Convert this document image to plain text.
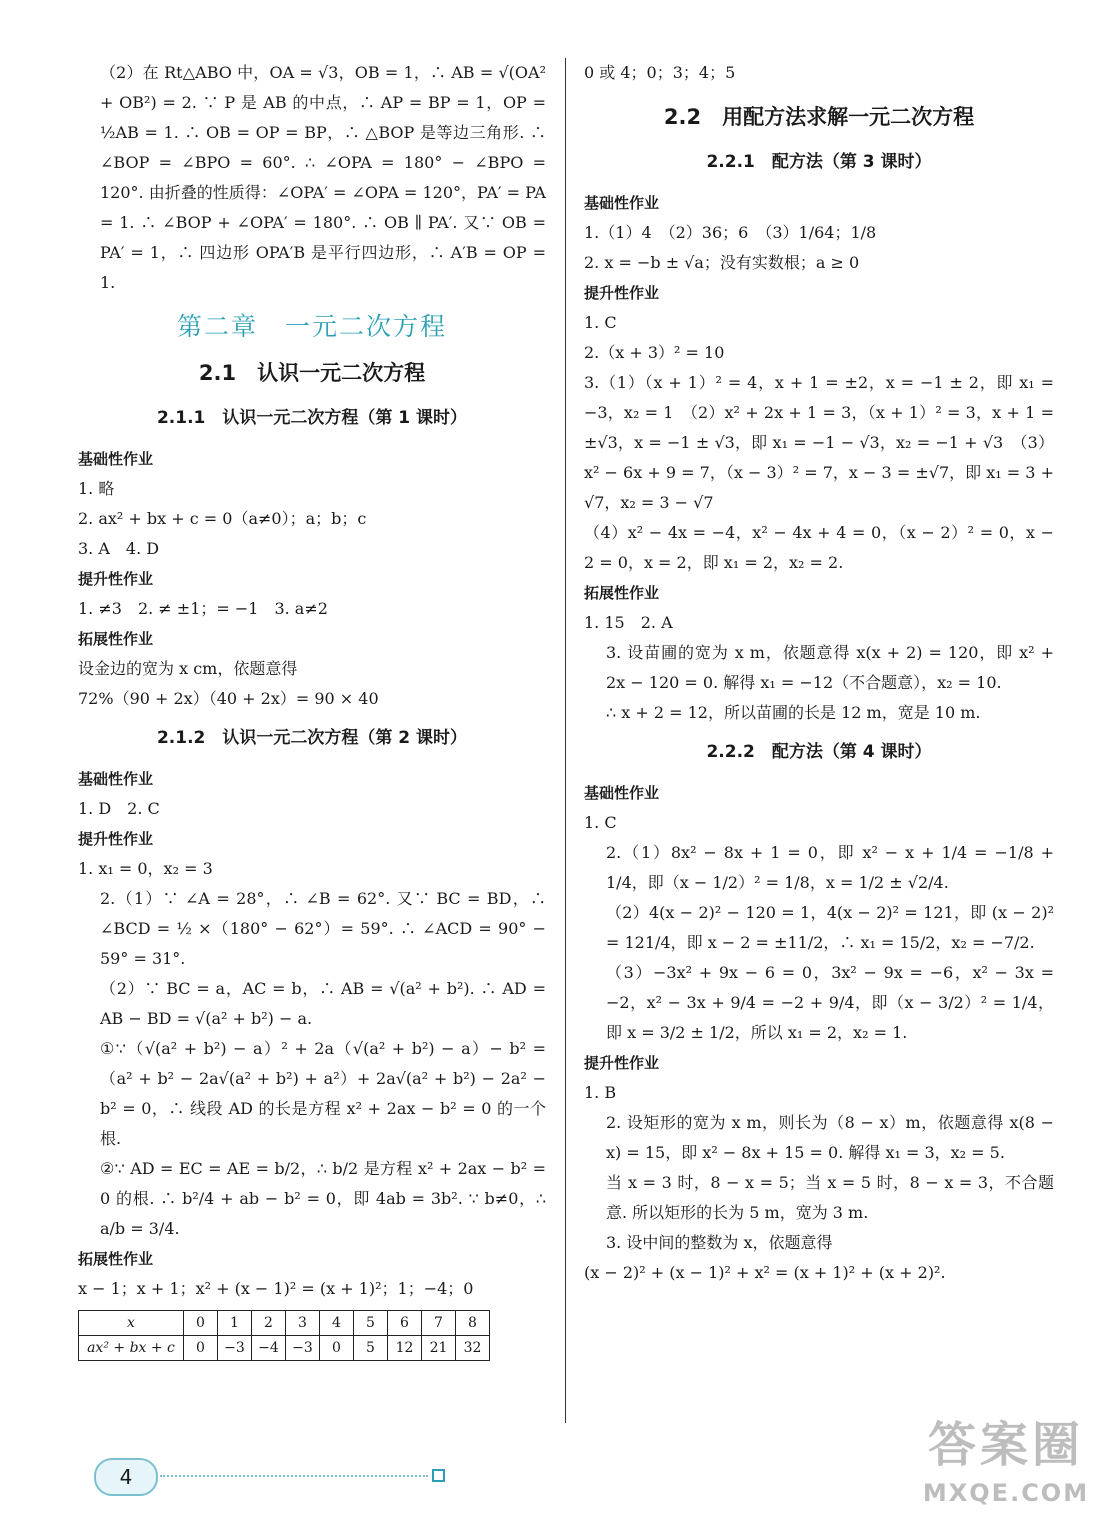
（2）在 Rt△ABO 中，OA = √3，OB = 1，∴ AB = √(OA² + OB²) = 2. ∵ P 是 AB 的中点，∴ AP = BP = 1，OP = ½AB = 1. ∴ OB = OP = BP，∴ △BOP 是等边三角形. ∴ ∠BOP = ∠BPO = 60°. ∴ ∠OPA = 180° − ∠BPO = 120°. 由折叠的性质得：∠OPA′ = ∠OPA = 120°，PA′ = PA = 1. ∴ ∠BOP + ∠OPA′ = 180°. ∴ OB ∥ PA′. 又∵ OB = PA′ = 1，∴ 四边形 OPA′B 是平行四边形，∴ A′B = OP = 1.

第二章　一元二次方程
2.1　认识一元二次方程
2.1.1　认识一元二次方程（第 1 课时）
基础性作业

1. 略

2. ax² + bx + c = 0（a≠0）；a；b；c

3. A　4. D

提升性作业

1. ≠3　2. ≠ ±1；= −1　3. a≠2

拓展性作业

设金边的宽为 x cm，依题意得

72%（90 + 2x）（40 + 2x）= 90 × 40

2.1.2　认识一元二次方程（第 2 课时）
基础性作业

1. D　2. C

提升性作业

1. x₁ = 0，x₂ = 3

2.（1）∵ ∠A = 28°，∴ ∠B = 62°. 又∵ BC = BD，∴ ∠BCD = ½ ×（180° − 62°）= 59°. ∴ ∠ACD = 90° − 59° = 31°.

（2）∵ BC = a，AC = b，∴ AB = √(a² + b²). ∴ AD = AB − BD = √(a² + b²) − a.

①∵（√(a² + b²) − a）² + 2a（√(a² + b²) − a）− b² = （a² + b² − 2a√(a² + b²) + a²）+ 2a√(a² + b²) − 2a² − b² = 0，∴ 线段 AD 的长是方程 x² + 2ax − b² = 0 的一个根.

②∵ AD = EC = AE = b/2，∴ b/2 是方程 x² + 2ax − b² = 0 的根. ∴ b²/4 + ab − b² = 0，即 4ab = 3b². ∵ b≠0，∴ a/b = 3/4.

拓展性作业

x − 1；x + 1；x² + (x − 1)² = (x + 1)²；1；−4；0

x	0	1	2	3	4	5	6	7	8
ax² + bx + c	0	−3	−4	−3	0	5	12	21	32

0 或 4；0；3；4；5

2.2　用配方法求解一元二次方程
2.2.1　配方法（第 3 课时）
基础性作业

1.（1）4　（2）36；6　（3）1/64；1/8

2. x = −b ± √a；没有实数根；a ≥ 0

提升性作业

1. C

2.（x + 3）² = 10

3.（1）（x + 1）² = 4，x + 1 = ±2，x = −1 ± 2，即 x₁ = −3，x₂ = 1　（2）x² + 2x + 1 = 3，（x + 1）² = 3，x + 1 = ±√3，x = −1 ± √3，即 x₁ = −1 − √3，x₂ = −1 + √3　（3）x² − 6x + 9 = 7，（x − 3）² = 7，x − 3 = ±√7，即 x₁ = 3 + √7，x₂ = 3 − √7

（4）x² − 4x = −4，x² − 4x + 4 = 0，（x − 2）² = 0，x − 2 = 0，x = 2，即 x₁ = 2，x₂ = 2.

拓展性作业

1. 15　2. A

3. 设苗圃的宽为 x m，依题意得 x(x + 2) = 120，即 x² + 2x − 120 = 0. 解得 x₁ = −12（不合题意），x₂ = 10.

∴ x + 2 = 12，所以苗圃的长是 12 m，宽是 10 m.

2.2.2　配方法（第 4 课时）
基础性作业

1. C

2.（1）8x² − 8x + 1 = 0，即 x² − x + 1/4 = −1/8 + 1/4，即（x − 1/2）² = 1/8，x = 1/2 ± √2/4.

（2）4(x − 2)² − 120 = 1，4(x − 2)² = 121，即 (x − 2)² = 121/4，即 x − 2 = ±11/2，∴ x₁ = 15/2，x₂ = −7/2.

（3）−3x² + 9x − 6 = 0，3x² − 9x = −6，x² − 3x = −2，x² − 3x + 9/4 = −2 + 9/4，即（x − 3/2）² = 1/4，即 x = 3/2 ± 1/2，所以 x₁ = 2，x₂ = 1.

提升性作业

1. B

2. 设矩形的宽为 x m，则长为（8 − x）m，依题意得 x(8 − x) = 15，即 x² − 8x + 15 = 0. 解得 x₁ = 3，x₂ = 5.

当 x = 3 时，8 − x = 5；当 x = 5 时，8 − x = 3，不合题意. 所以矩形的长为 5 m，宽为 3 m.

3. 设中间的整数为 x，依题意得

(x − 2)² + (x − 1)² + x² = (x + 1)² + (x + 2)².

4
答案圈
MXQE.COM
